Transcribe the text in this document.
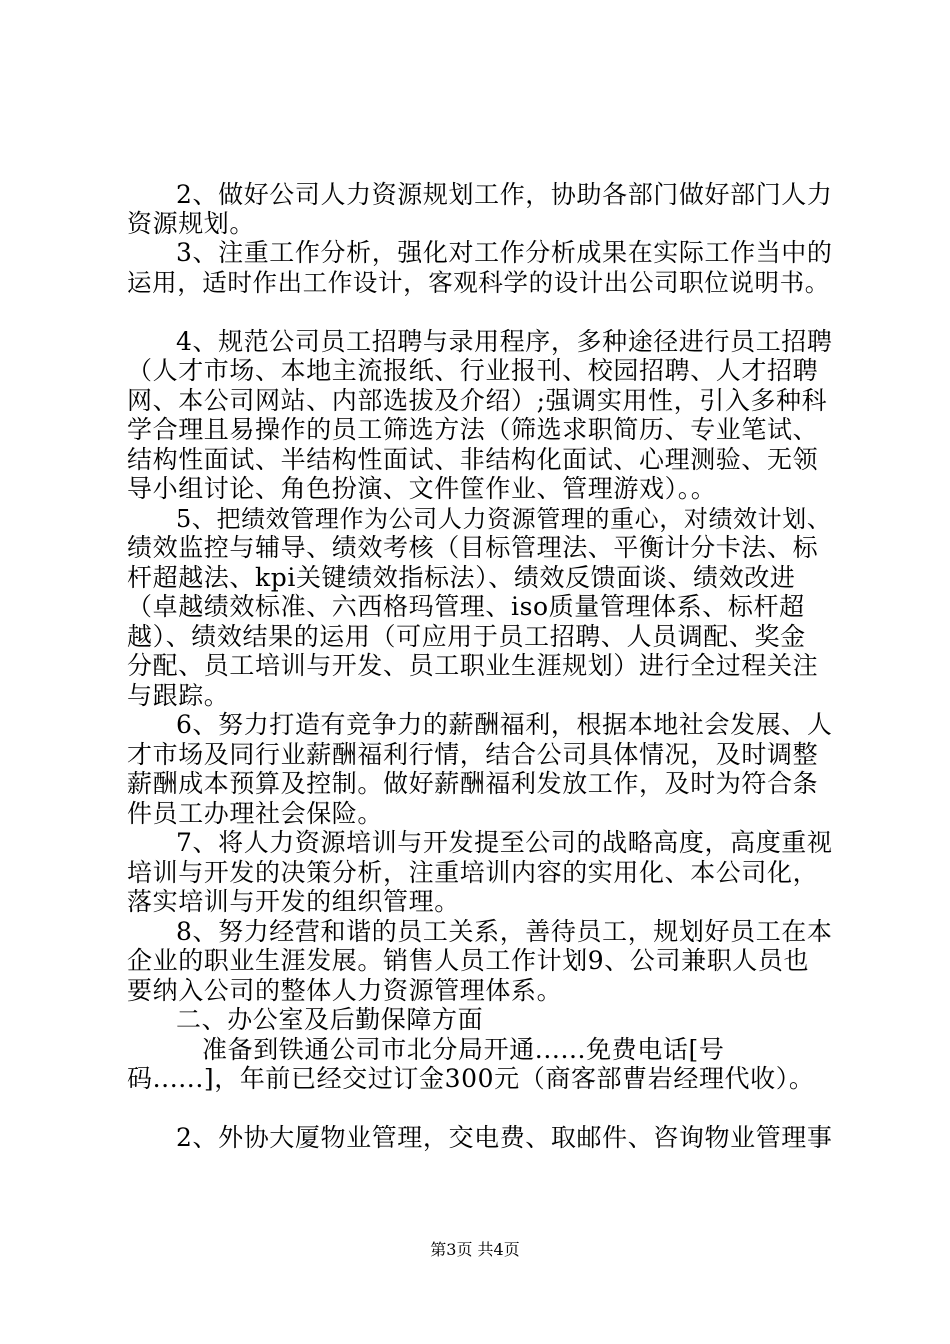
2、做好公司人力资源规划工作，协助各部门做好部门人力
资源规划。
3、注重工作分析，强化对工作分析成果在实际工作当中的
运用，适时作出工作设计，客观科学的设计出公司职位说明书。
4、规范公司员工招聘与录用程序，多种途径进行员工招聘
（人才市场、本地主流报纸、行业报刊、校园招聘、人才招聘
网、本公司网站、内部选拔及介绍）;强调实用性，引入多种科
学合理且易操作的员工筛选方法（筛选求职简历、专业笔试、
结构性面试、半结构性面试、非结构化面试、心理测验、无领
导小组讨论、角色扮演、文件筐作业、管理游戏）。。
5、把绩效管理作为公司人力资源管理的重心，对绩效计划、
绩效监控与辅导、绩效考核（目标管理法、平衡计分卡法、标
杆超越法、kpi关键绩效指标法）、绩效反馈面谈、绩效改进
（卓越绩效标准、六西格玛管理、iso质量管理体系、标杆超
越）、绩效结果的运用（可应用于员工招聘、人员调配、奖金
分配、员工培训与开发、员工职业生涯规划）进行全过程关注
与跟踪。
6、努力打造有竞争力的薪酬福利，根据本地社会发展、人
才市场及同行业薪酬福利行情，结合公司具体情况，及时调整
薪酬成本预算及控制。做好薪酬福利发放工作，及时为符合条
件员工办理社会保险。
7、将人力资源培训与开发提至公司的战略高度，高度重视
培训与开发的决策分析，注重培训内容的实用化、本公司化，
落实培训与开发的组织管理。
8、努力经营和谐的员工关系，善待员工，规划好员工在本
企业的职业生涯发展。销售人员工作计划9、公司兼职人员也
要纳入公司的整体人力资源管理体系。
二、办公室及后勤保障方面
准备到铁通公司市北分局开通......免费电话[号
码......]，年前已经交过订金300元（商客部曹岩经理代收）。
2、外协大厦物业管理，交电费、取邮件、咨询物业管理事
第3页 共4页
